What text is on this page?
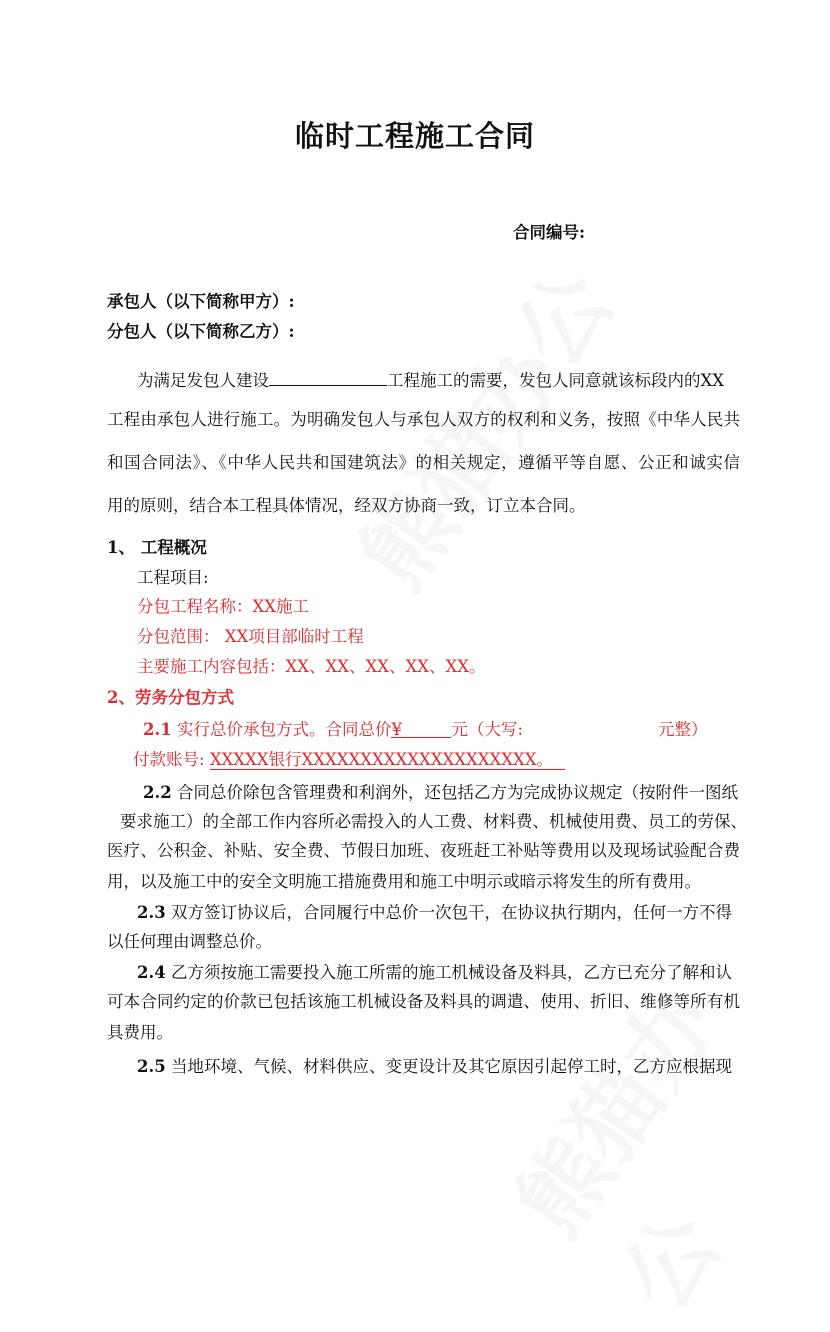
临时工程施工合同
合同编号:
承包人（以下简称甲方）:
分包人（以下简称乙方）:
为满足发包人建设	工程施工的需要，发包人同意就该标段内的XX
工程由承包人进行施工。为明确发包人与承包人双方的权利和义务，按照《中华人民共
和国合同法》、《中华人民共和国建筑法》的相关规定，遵循平等自愿、公正和诚实信
用的原则，结合本工程具体情况，经双方协商一致，订立本合同。
1、 工程概况
工程项目:
分包工程名称：XX施工
分包范围： XX项目部临时工程
主要施工内容包括：XX、XX、XX、XX、XX。
2、劳务分包方式
2.1 实行总价承包方式。合同总价¥	元（大写:	元整）
付款账号: XXXXX银行XXXXXXXXXXXXXXXXXXXX。
2.2 合同总价除包含管理费和利润外，还包括乙方为完成协议规定（按附件一图纸
要求施工）的全部工作内容所必需投入的人工费、材料费、机械使用费、员工的劳保、
医疗、公积金、补贴、安全费、节假日加班、夜班赶工补贴等费用以及现场试验配合费
用，以及施工中的安全文明施工措施费用和施工中明示或暗示将发生的所有费用。
2.3 双方签订协议后，合同履行中总价一次包干，在协议执行期内，任何一方不得
以任何理由调整总价。
2.4 乙方须按施工需要投入施工所需的施工机械设备及料具，乙方已充分了解和认
可本合同约定的价款已包括该施工机械设备及料具的调遣、使用、折旧、维修等所有机
具费用。
2.5 当地环境、气候、材料供应、变更设计及其它原因引起停工时，乙方应根据现
